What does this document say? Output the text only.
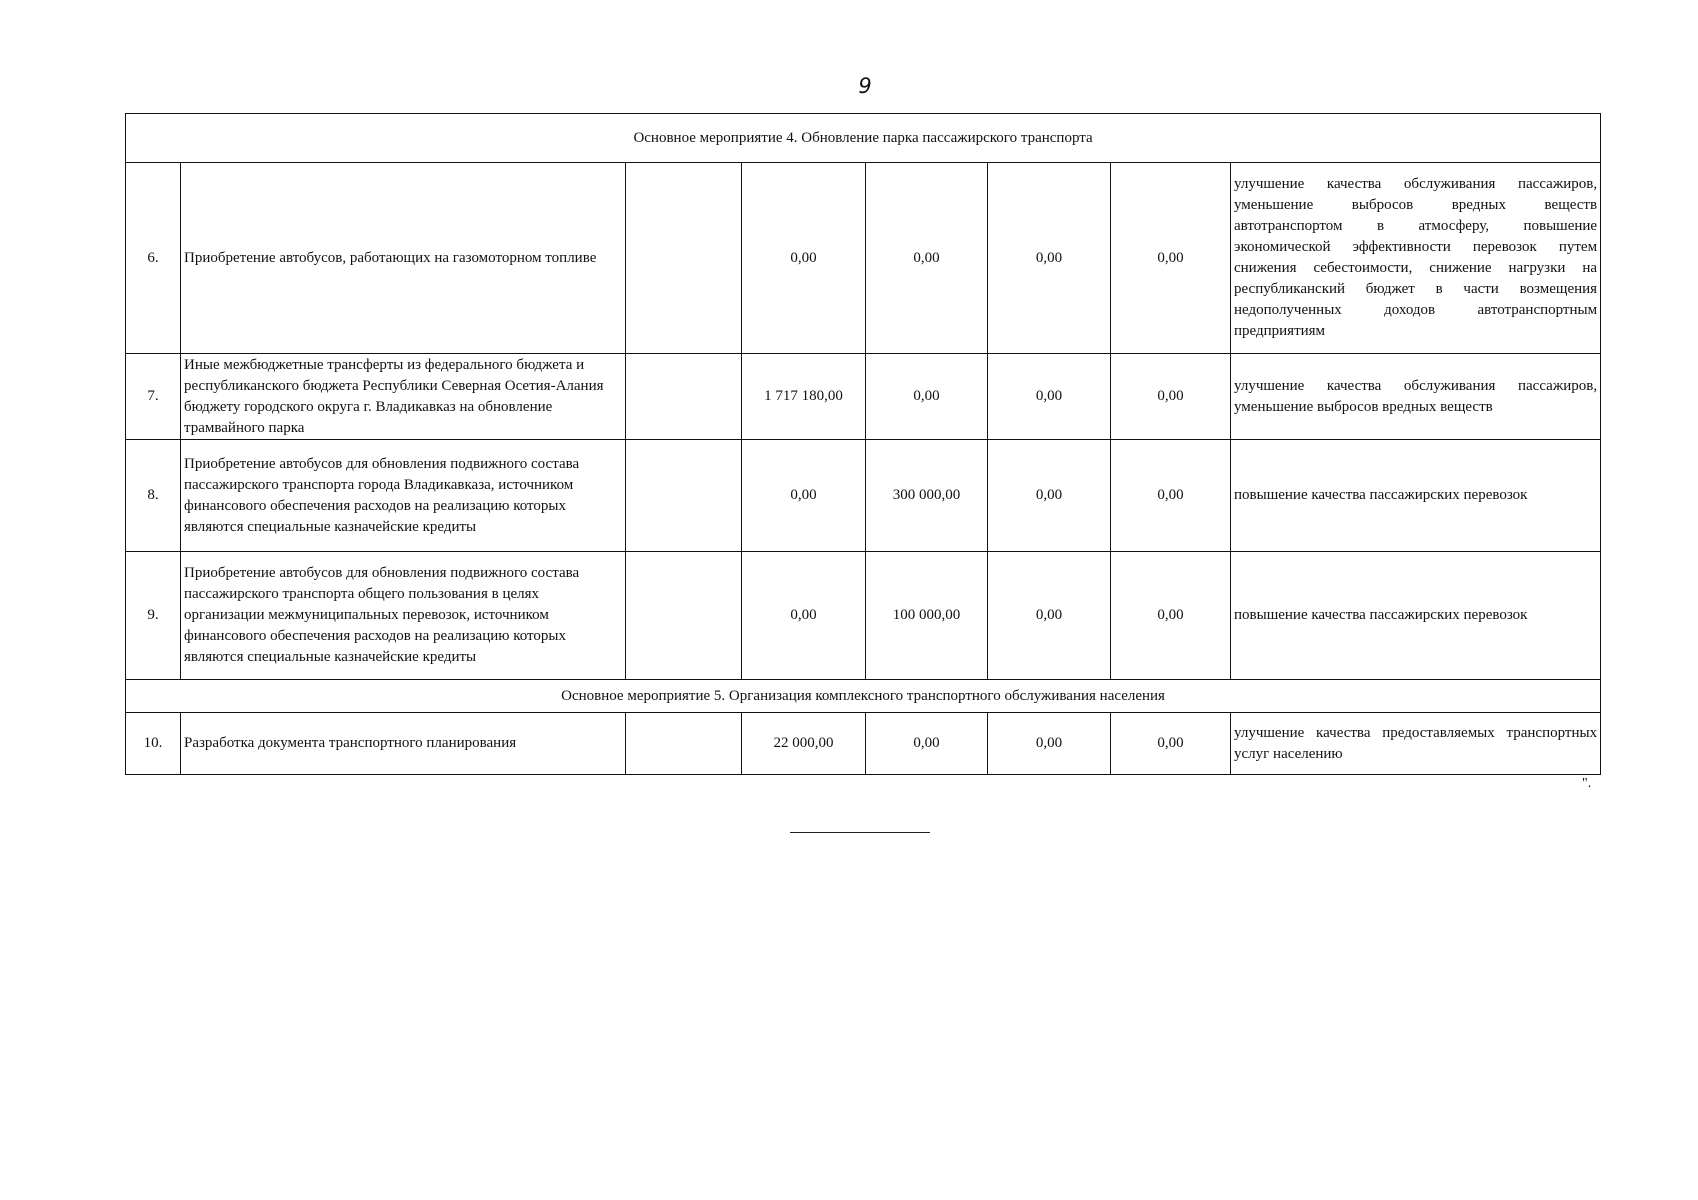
9
Основное мероприятие 4. Обновление парка пассажирского транспорта							
6.	Приобретение автобусов, работающих на газомоторном топливе		0,00	0,00	0,00	0,00	улучшение качества обслуживания пассажиров, уменьшение выбросов вредных веществ автотранспортом в атмосферу, повышение экономической эффективности перевозок путем снижения себестоимости, снижение нагрузки на республиканский бюджет в части возмещения недополученных доходов автотранспортным предприятиям
7.	Иные межбюджетные трансферты из федерального бюджета и республиканского бюджета Республики Северная Осетия-Алания бюджету городского округа г. Владикавказ на обновление трамвайного парка		1 717 180,00	0,00	0,00	0,00	улучшение качества обслуживания пассажиров, уменьшение выбросов вредных веществ
8.	Приобретение автобусов для обновления подвижного состава пассажирского транспорта города Владикавказа, источником финансового обеспечения расходов на реализацию которых являются специальные казначейские кредиты		0,00	300 000,00	0,00	0,00	повышение качества пассажирских перевозок
9.	Приобретение автобусов для обновления подвижного состава пассажирского транспорта общего пользования в целях организации межмуниципальных перевозок, источником финансового обеспечения расходов на реализацию которых являются специальные казначейские кредиты		0,00	100 000,00	0,00	0,00	повышение качества пассажирских перевозок
Основное мероприятие 5. Организация комплексного транспортного обслуживания населения							
10.	Разработка документа транспортного планирования		22 000,00	0,00	0,00	0,00	улучшение качества предоставляемых транспортных услуг населению
".
